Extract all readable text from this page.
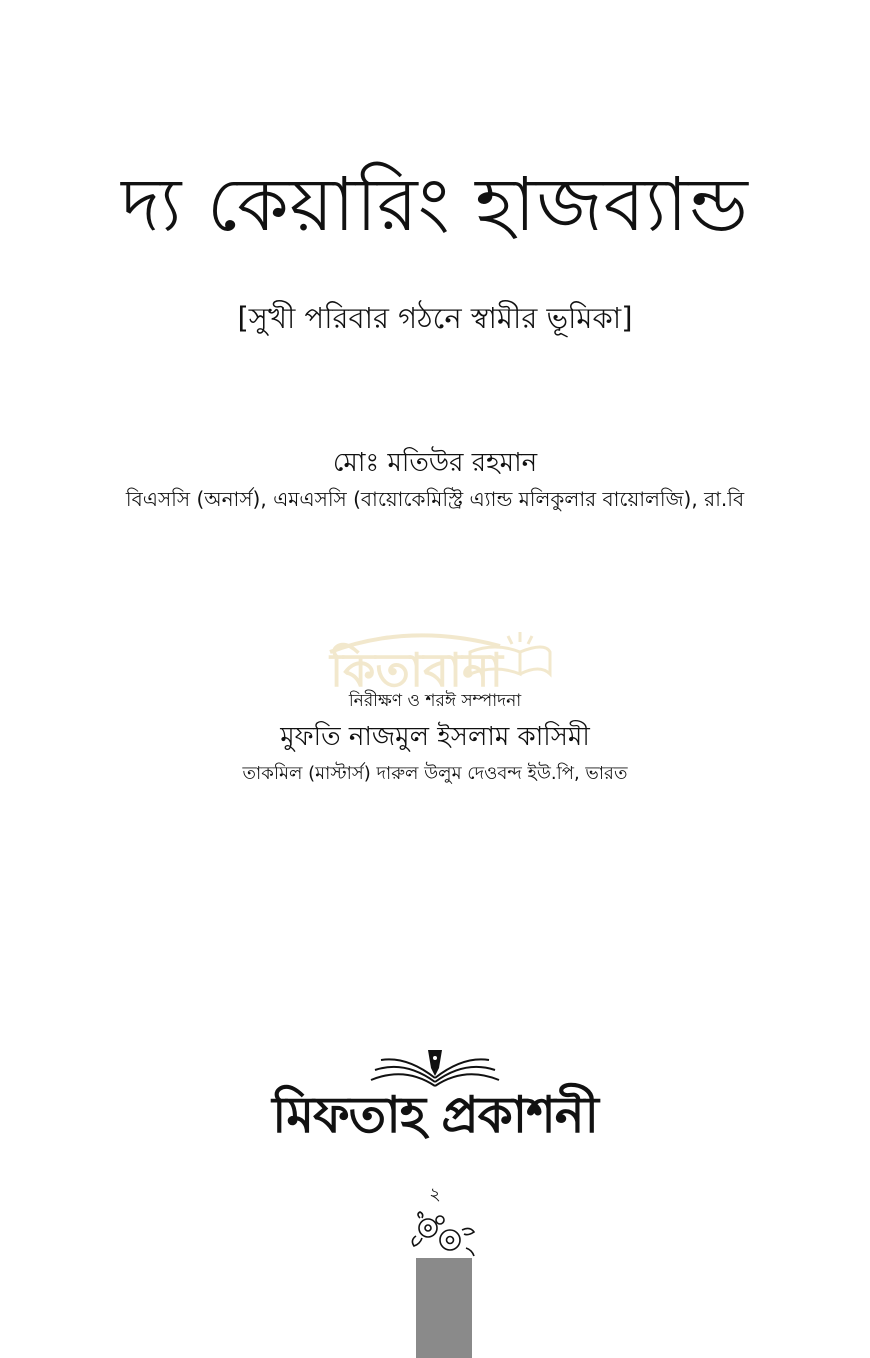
দ্য কেয়ারিং হাজব্যান্ড
[সুখী পরিবার গঠনে স্বামীর ভূমিকা]
মোঃ মতিউর রহমান
বিএসসি (অনার্স), এমএসসি (বায়োকেমিস্ট্রি এ্যান্ড মলিকুলার বায়োলজি), রা.বি
কিতাবানা
নিরীক্ষণ ও শরঈ সম্পাদনা
মুফতি নাজমুল ইসলাম কাসিমী
তাকমিল (মাস্টার্স) দারুল উলুম দেওবন্দ ইউ.পি, ভারত
মিফতাহ প্রকাশনী
২
